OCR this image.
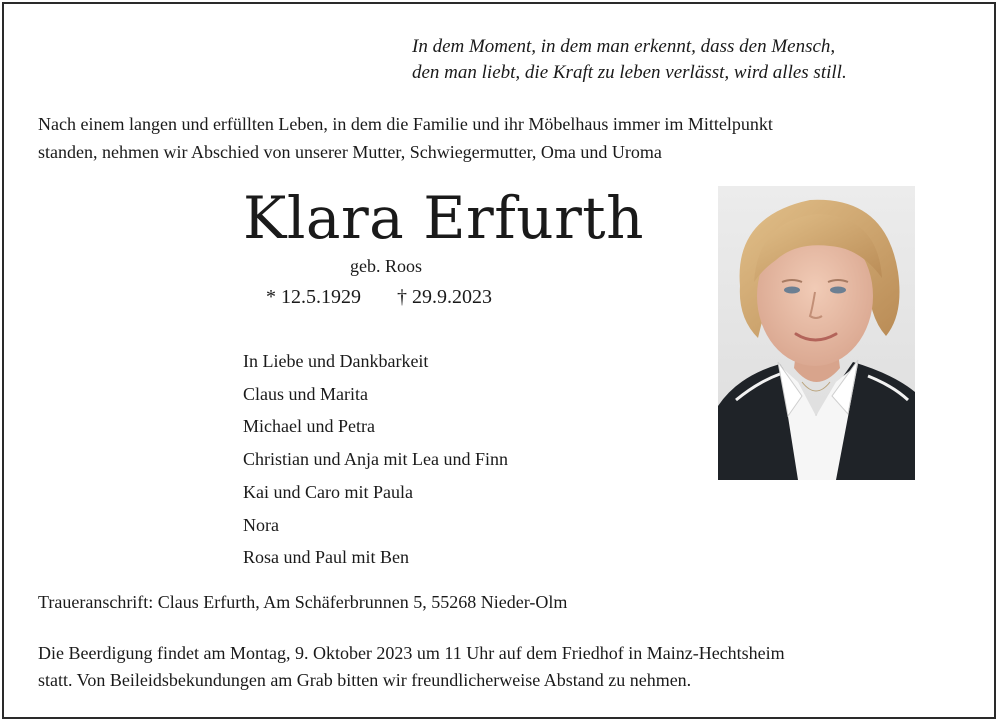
In dem Moment, in dem man erkennt, dass den Mensch,
den man liebt, die Kraft zu leben verlässt, wird alles still.
Nach einem langen und erfüllten Leben, in dem die Familie und ihr Möbelhaus immer im Mittelpunkt
standen, nehmen wir Abschied von unserer Mutter, Schwiegermutter, Oma und Uroma
Klara Erfurth
geb. Roos
* 12.5.1929 † 29.9.2023
In Liebe und Dankbarkeit
Claus und Marita
Michael und Petra
Christian und Anja mit Lea und Finn
Kai und Caro mit Paula
Nora
Rosa und Paul mit Ben
Traueranschrift: Claus Erfurth, Am Schäferbrunnen 5, 55268 Nieder-Olm
Die Beerdigung findet am Montag, 9. Oktober 2023 um 11 Uhr auf dem Friedhof in Mainz-Hechtsheim
statt. Von Beileidsbekundungen am Grab bitten wir freundlicherweise Abstand zu nehmen.
